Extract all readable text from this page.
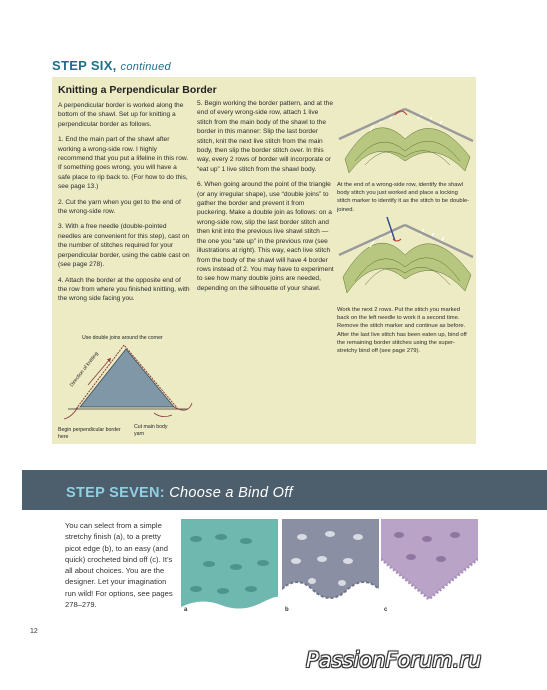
STEP SIX, continued
Knitting a Perpendicular Border

A perpendicular border is worked along the bottom of the shawl. Set up for knitting a perpendicular border as follows.

1. End the main part of the shawl after working a wrong-side row. I highly recommend that you put a lifeline in this row. If something goes wrong, you will have a safe place to rip back to. (For how to do this, see page 13.)

2. Cut the yarn when you get to the end of the wrong-side row.

3. With a free needle (double-pointed needles are convenient for this step), cast on the number of stitches required for your perpendicular border, using the cable cast on (see page 278).

4. Attach the border at the opposite end of the row from where you finished knitting, with the wrong side facing you.

5. Begin working the border pattern, and at the end of every wrong-side row, attach 1 live stitch from the main body of the shawl to the border in this manner: Slip the last border stitch, knit the next live stitch from the main body, then slip the border stitch over. In this way, every 2 rows of border will incorporate or “eat up” 1 live stitch from the shawl body.

6. When going around the point of the triangle (or any irregular shape), use “double joins” to gather the border and prevent it from puckering. Make a double join as follows: on a wrong-side row, slip the last border stitch and then knit into the previous live shawl stitch — the one you “ate up” in the previous row (see illustrations at right). This way, each live stitch from the body of the shawl will have 4 border rows instead of 2. You may have to experiment to see how many double joins are needed, depending on the silhouette of your shawl.

At the end of a wrong-side row, identify the shawl body stitch you just worked and place a locking stitch marker to identify it as the stitch to be double-joined.
Work the next 2 rows. Put the stitch you marked back on the left needle to work it a second time. Remove the stitch marker and continue as before. After the last live stitch has been eaten up, bind off the remaining border stitches using the super-stretchy bind off (see page 279).
Use double joins around the corner
Direction of knitting
Begin perpendicular border here
Cut main body yarn
STEP SEVEN: Choose a Bind Off
You can select from a simple stretchy finish (a), to a pretty picot edge (b), to an easy (and quick) crocheted bind off (c). It’s all about choices. You are the designer. Let your imagination run wild! For options, see pages 278–279.
a	b	c
12
PassionForum.ru
